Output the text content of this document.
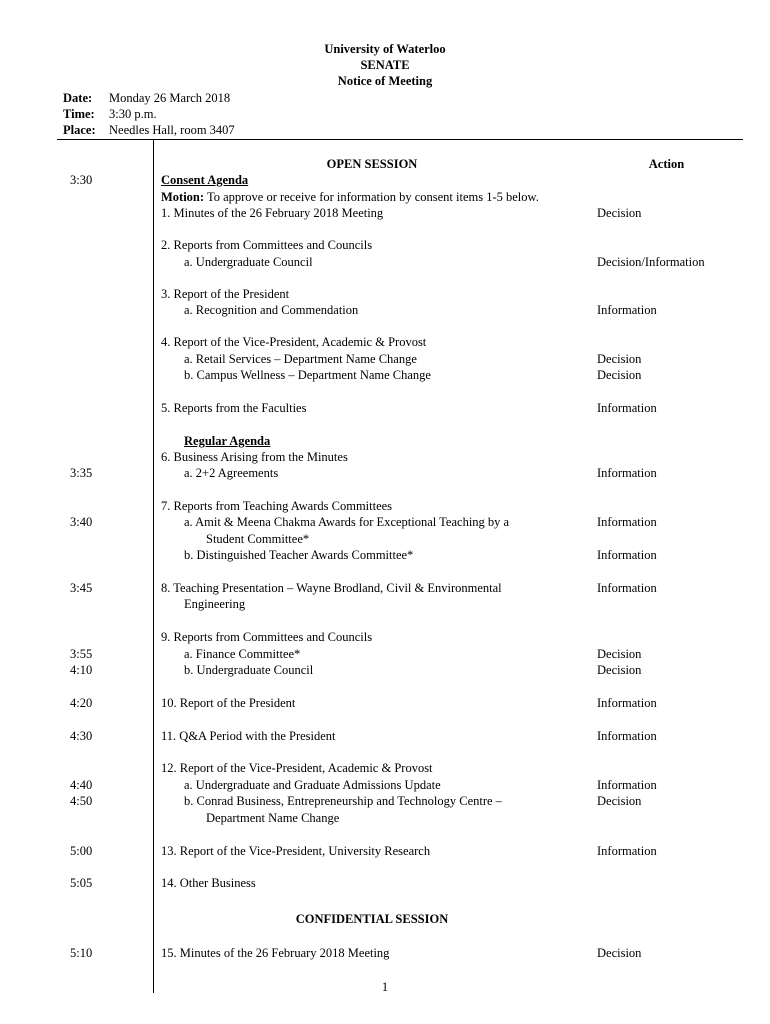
University of Waterloo
SENATE
Notice of Meeting
Date: Monday 26 March 2018
Time: 3:30 p.m.
Place: Needles Hall, room 3407
OPEN SESSION	Action
3:30	Consent Agenda
Motion: To approve or receive for information by consent items 1-5 below.
1. Minutes of the 26 February 2018 Meeting	Decision
2. Reports from Committees and Councils
a. Undergraduate Council	Decision/Information
3. Report of the President
a. Recognition and Commendation	Information
4. Report of the Vice-President, Academic & Provost
a. Retail Services – Department Name Change	Decision
b. Campus Wellness – Department Name Change	Decision
5. Reports from the Faculties	Information
Regular Agenda
6. Business Arising from the Minutes
3:35	a. 2+2 Agreements	Information
7. Reports from Teaching Awards Committees
3:40	a. Amit & Meena Chakma Awards for Exceptional Teaching by a	Information
Student Committee*
b. Distinguished Teacher Awards Committee*	Information
3:45	8. Teaching Presentation – Wayne Brodland, Civil & Environmental	Information
Engineering
9. Reports from Committees and Councils
3:55	a. Finance Committee*	Decision
4:10	b. Undergraduate Council	Decision
4:20	10. Report of the President	Information
4:30	11. Q&A Period with the President	Information
12. Report of the Vice-President, Academic & Provost
4:40	a. Undergraduate and Graduate Admissions Update	Information
4:50	b. Conrad Business, Entrepreneurship and Technology Centre –	Decision
Department Name Change
5:00	13. Report of the Vice-President, University Research	Information
5:05	14. Other Business
CONFIDENTIAL SESSION
5:10	15. Minutes of the 26 February 2018 Meeting	Decision
1
